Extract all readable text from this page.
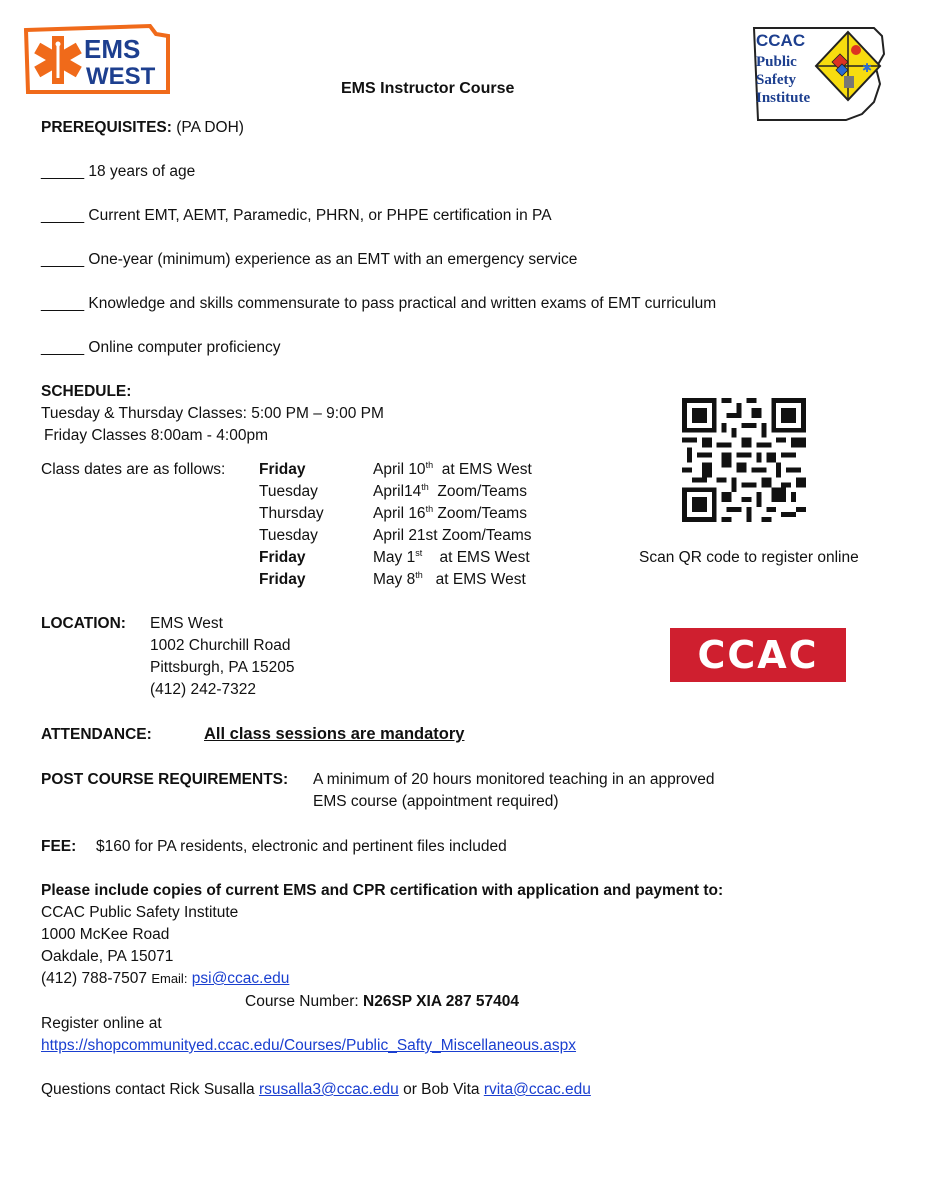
EMS
WEST
CCAC
Public
Safety
Institute
✱
EMS Instructor Course
PREREQUISITES: (PA DOH)
_____ 18 years of age
_____ Current EMT, AEMT, Paramedic, PHRN, or PHPE certification in PA
_____ One-year (minimum) experience as an EMT with an emergency service
_____ Knowledge and skills commensurate to pass practical and written exams of EMT curriculum
_____ Online computer proficiency
SCHEDULE:
Tuesday & Thursday Classes: 5:00 PM – 9:00 PM
Friday Classes 8:00am - 4:00pm
Class dates are as follows: Friday	April 10th at EMS West
Tuesday	April14th Zoom/Teams
Thursday	April 16th Zoom/Teams
Tuesday	April 21st Zoom/Teams
Friday	May 1st at EMS West
Friday	May 8th at EMS West
Scan QR code to register online
LOCATION: EMS West
1002 Churchill Road
Pittsburgh, PA 15205
(412) 242-7322
CCAC
ATTENDANCE:	All class sessions are mandatory
POST COURSE REQUIREMENTS: A minimum of 20 hours monitored teaching in an approved
EMS course (appointment required)
FEE: $160 for PA residents, electronic and pertinent files included
Please include copies of current EMS and CPR certification with application and payment to:
CCAC Public Safety Institute
1000 McKee Road
Oakdale, PA 15071
(412) 788-7507 Email: psi@ccac.edu
Course Number: N26SP XIA 287 57404
Register online at
https://shopcommunityed.ccac.edu/Courses/Public_Safty_Miscellaneous.aspx
Questions contact Rick Susalla rsusalla3@ccac.edu or Bob Vita rvita@ccac.edu
